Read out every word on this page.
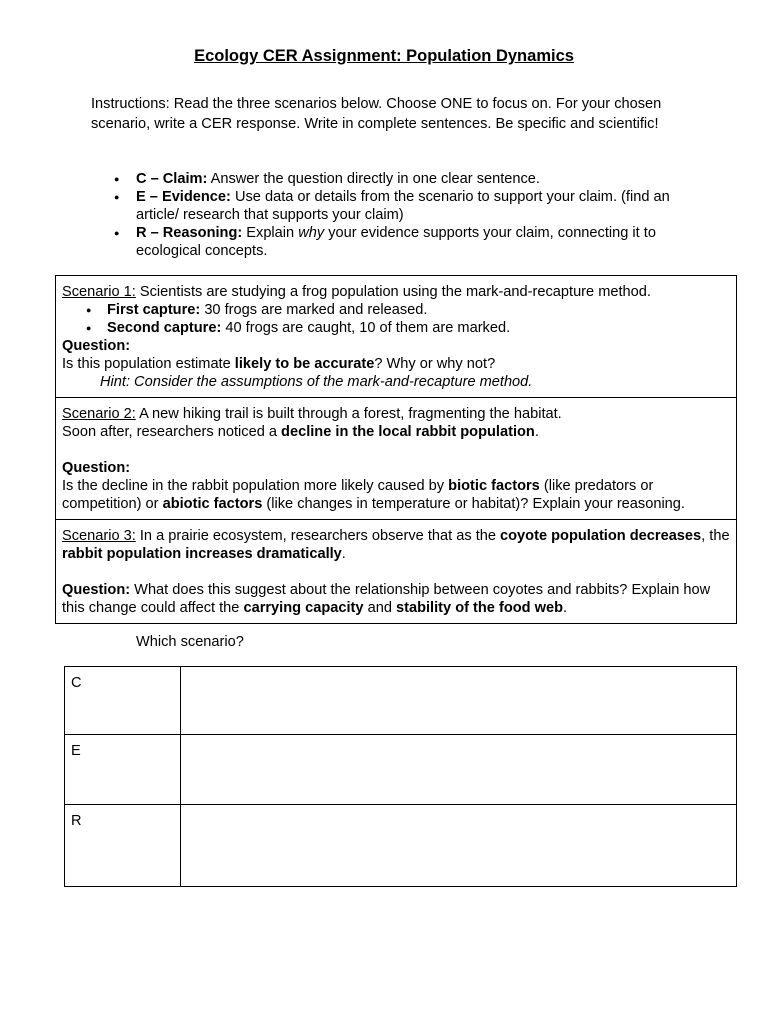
Ecology CER Assignment: Population Dynamics
Instructions: Read the three scenarios below. Choose ONE to focus on. For your chosen scenario, write a CER response. Write in complete sentences. Be specific and scientific!
● C – Claim: Answer the question directly in one clear sentence.
● E – Evidence: Use data or details from the scenario to support your claim. (find an article/ research that supports your claim)
● R – Reasoning: Explain why your evidence supports your claim, connecting it to ecological concepts.
Scenario 1: Scientists are studying a frog population using the mark-and-recapture method.
● First capture: 30 frogs are marked and released.
● Second capture: 40 frogs are caught, 10 of them are marked.
Question:
Is this population estimate likely to be accurate? Why or why not?
Hint: Consider the assumptions of the mark-and-recapture method.
Scenario 2: A new hiking trail is built through a forest, fragmenting the habitat.
Soon after, researchers noticed a decline in the local rabbit population.
Question:
Is the decline in the rabbit population more likely caused by biotic factors (like predators or competition) or abiotic factors (like changes in temperature or habitat)? Explain your reasoning.
Scenario 3: In a prairie ecosystem, researchers observe that as the coyote population decreases, the rabbit population increases dramatically.
Question: What does this suggest about the relationship between coyotes and rabbits? Explain how this change could affect the carrying capacity and stability of the food web.
Which scenario?
C	
E	
R	
